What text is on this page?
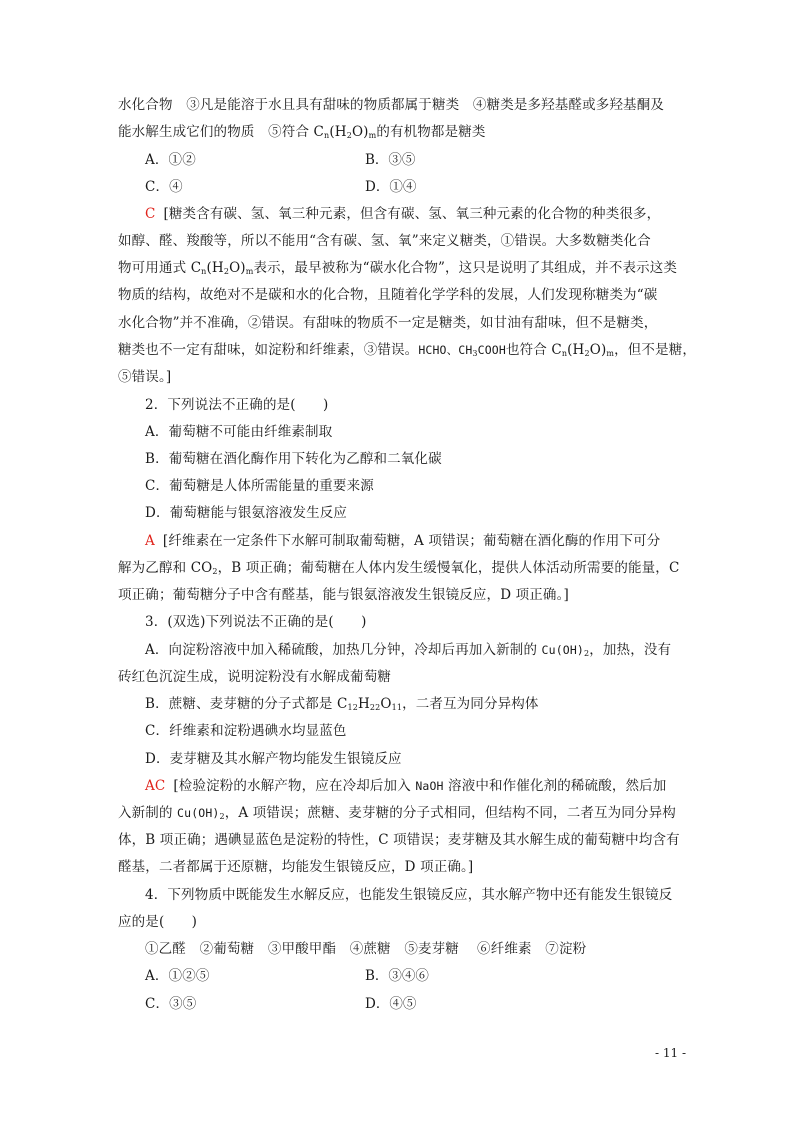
水化合物　③凡是能溶于水且具有甜味的物质都属于糖类　④糖类是多羟基醛或多羟基酮及
能水解生成它们的物质　⑤符合 $C_n(H_2O)_m$的有机物都是糖类
A．①②	B．③⑤
C．④	D．①④
C [糖类含有碳、氢、氧三种元素，但含有碳、氢、氧三种元素的化合物的种类很多，
如醇、醛、羧酸等，所以不能用“含有碳、氢、氧”来定义糖类，①错误。大多数糖类化合
物可用通式 $C_n(H_2O)_m$表示，最早被称为“碳水化合物”，这只是说明了其组成，并不表示这类
物质的结构，故绝对不是碳和水的化合物，且随着化学学科的发展，人们发现称糖类为“碳
水化合物”并不准确，②错误。有甜味的物质不一定是糖类，如甘油有甜味，但不是糖类，
糖类也不一定有甜味，如淀粉和纤维素，③错误。HCHO、$CH_3COOH$也符合 $C_n(H_2O)_m$，但不是糖，
⑤错误。]
2．下列说法不正确的是(　　)
A．葡萄糖不可能由纤维素制取
B．葡萄糖在酒化酶作用下转化为乙醇和二氧化碳
C．葡萄糖是人体所需能量的重要来源
D．葡萄糖能与银氨溶液发生反应
A [纤维素在一定条件下水解可制取葡萄糖，A 项错误；葡萄糖在酒化酶的作用下可分
解为乙醇和 $CO_2$，B 项正确；葡萄糖在人体内发生缓慢氧化，提供人体活动所需要的能量，C
项正确；葡萄糖分子中含有醛基，能与银氨溶液发生银镜反应，D 项正确。]
3．(双选)下列说法不正确的是(　　)
A．向淀粉溶液中加入稀硫酸，加热几分钟，冷却后再加入新制的 $Cu(OH)_2$，加热，没有
砖红色沉淀生成，说明淀粉没有水解成葡萄糖
B．蔗糖、麦芽糖的分子式都是 $C_{12}H_{22}O_{11}$，二者互为同分异构体
C．纤维素和淀粉遇碘水均显蓝色
D．麦芽糖及其水解产物均能发生银镜反应
AC [检验淀粉的水解产物，应在冷却后加入 NaOH 溶液中和作催化剂的稀硫酸，然后加
入新制的 $Cu(OH)_2$，A 项错误；蔗糖、麦芽糖的分子式相同，但结构不同，二者互为同分异构
体，B 项正确；遇碘显蓝色是淀粉的特性，C 项错误；麦芽糖及其水解生成的葡萄糖中均含有
醛基，二者都属于还原糖，均能发生银镜反应，D 项正确。]
4．下列物质中既能发生水解反应，也能发生银镜反应，其水解产物中还有能发生银镜反
应的是(　　)
①乙醛　②葡萄糖　③甲酸甲酯　④蔗糖　⑤麦芽糖　 ⑥纤维素　⑦淀粉
A．①②⑤	B．③④⑥
C．③⑤	D．④⑤
- 11 -
